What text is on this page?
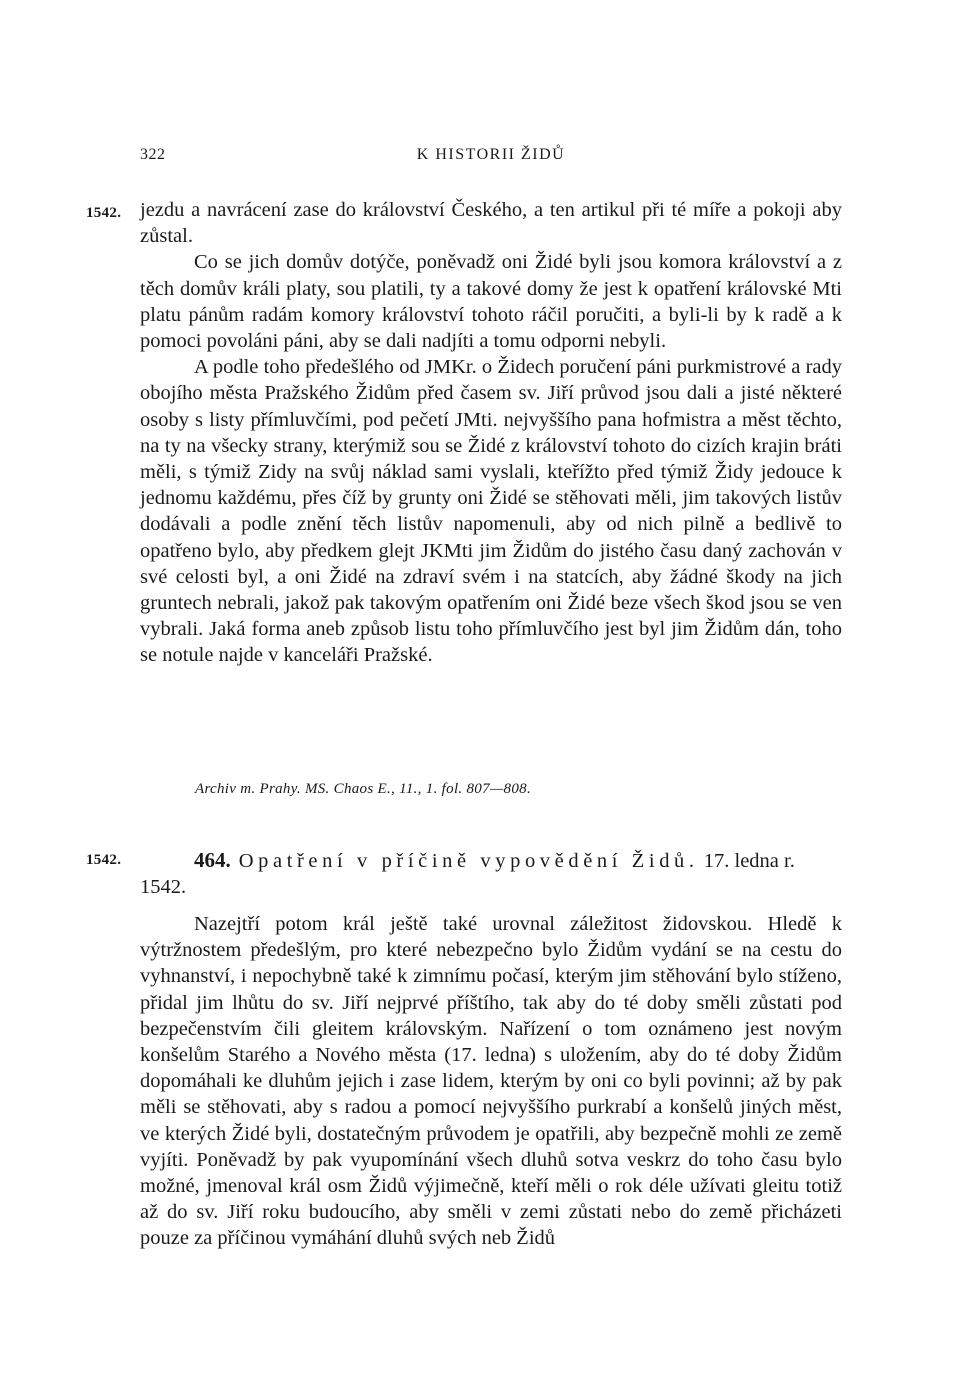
322	K HISTORII ŽIDŮ
1542. jezdu a navrácení zase do království Českého, a ten artikul při té míře a pokoji aby zůstal.

Co se jich domův dotýče, poněvadž oni Židé byli jsou komora království a z těch domův králi platy, sou platili, ty a takové domy že jest k opatření královské Mti platu pánům radám komory království tohoto ráčil poručiti, a byli-li by k radě a k pomoci povoláni páni, aby se dali nadjíti a tomu odporni nebyli.

A podle toho předešlého od JMKr. o Židech poručení páni purkmistrové a rady obojího města Pražského Židům před časem sv. Jiří průvod jsou dali a jisté některé osoby s listy přímluvčími, pod pečetí JMti. nejvyššího pana hofmistra a měst těchto, na ty na všecky strany, kterýmiž sou se Židé z království tohoto do cizích krajin bráti měli, s týmiž Zidy na svůj náklad sami vyslali, kteřížto před týmiž Židy jedouce k jednomu každému, přes číž by grunty oni Židé se stěhovati měli, jim takových listův dodávali a podle znění těch listův napomenuli, aby od nich pilně a bedlivě to opatřeno bylo, aby předkem glejt JKMti jim Židům do jistého času daný zachován v své celosti byl, a oni Židé na zdraví svém i na statcích, aby žádné škody na jich gruntech nebrali, jakož pak takovým opatřením oni Židé beze všech škod jsou se ven vybrali. Jaká forma aneb způsob listu toho přímluvčího jest byl jim Židům dán, toho se notule najde v kanceláři Pražské.

Archiv m. Prahy. MS. Chaos E., 11., 1. fol. 807—808.
1542.	464. Opatření v příčině vypovědění Židů. 17. ledna r. 1542.

Nazejtří potom král ještě také urovnal záležitost židovskou. Hledě k výtržnostem předešlým, pro které nebezpečno bylo Židům vydání se na cestu do vyhnanství, i nepochybně také k zimnímu počasí, kterým jim stěhování bylo stíženo, přidal jim lhůtu do sv. Jiří nejprvé příštího, tak aby do té doby směli zůstati pod bezpečenstvím čili gleitem královským. Nařízení o tom oznámeno jest novým konšelům Starého a Nového města (17. ledna) s uložením, aby do té doby Židům dopomáhali ke dluhům jejich i zase lidem, kterým by oni co byli povinni; až by pak měli se stěhovati, aby s radou a pomocí nejvyššího purkrabí a konšelů jiných měst, ve kterých Židé byli, dostatečným průvodem je opatřili, aby bezpečně mohli ze země vyjíti. Poněvadž by pak vyupomínání všech dluhů sotva veskrz do toho času bylo možné, jmenoval král osm Židů výjimečně, kteří měli o rok déle užívati gleitu totiž až do sv. Jiří roku budoucího, aby směli v zemi zůstati nebo do země přicházeti pouze za příčinou vymáhání dluhů svých neb Židů
